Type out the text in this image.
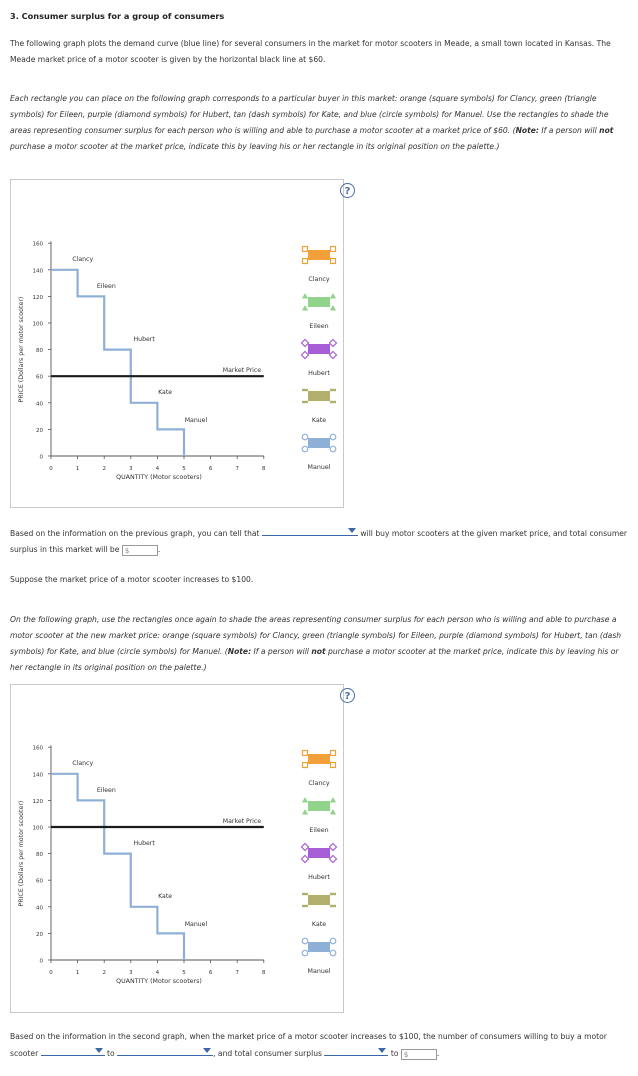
3. Consumer surplus for a group of consumers
The following graph plots the demand curve (blue line) for several consumers in the market for motor scooters in Meade, a small town located in Kansas. The Meade market price of a motor scooter is given by the horizontal black line at $60.
Each rectangle you can place on the following graph corresponds to a particular buyer in this market: orange (square symbols) for Clancy, green (triangle symbols) for Eileen, purple (diamond symbols) for Hubert, tan (dash symbols) for Kate, and blue (circle symbols) for Manuel. Use the rectangles to shade the areas representing consumer surplus for each person who is willing and able to purchase a motor scooter at a market price of $60. (Note: If a person will not purchase a motor scooter at the market price, indicate this by leaving his or her rectangle in its original position on the palette.)
?
160
140
120
100
80
60
40
20
0
0	1	2	3	4	5	6	7	8
QUANTITY (Motor scooters)
PRICE (Dollars per motor scooter)	Market Price
Clancy
Eileen
Hubert
Kate
Manuel
Clancy
Eileen
Hubert
Kate
Manuel
Based on the information on the previous graph, you can tell that	will buy motor scooters at the given market price, and total consumer surplus in this market will be $	.
Suppose the market price of a motor scooter increases to $100.
On the following graph, use the rectangles once again to shade the areas representing consumer surplus for each person who is willing and able to purchase a motor scooter at the new market price: orange (square symbols) for Clancy, green (triangle symbols) for Eileen, purple (diamond symbols) for Hubert, tan (dash symbols) for Kate, and blue (circle symbols) for Manuel. (Note: If a person will not purchase a motor scooter at the market price, indicate this by leaving his or her rectangle in its original position on the palette.)
?
160
140
120
100
80
60
40
20
0
0	1	2	3	4	5	6	7	8
QUANTITY (Motor scooters)
PRICE (Dollars per motor scooter)	Market Price
Clancy
Eileen
Hubert
Kate
Manuel
Clancy
Eileen
Hubert
Kate
Manuel
Based on the information in the second graph, when the market price of a motor scooter increases to $100, the number of consumers willing to buy a motor scooter	to	, and total consumer surplus	to $	.
